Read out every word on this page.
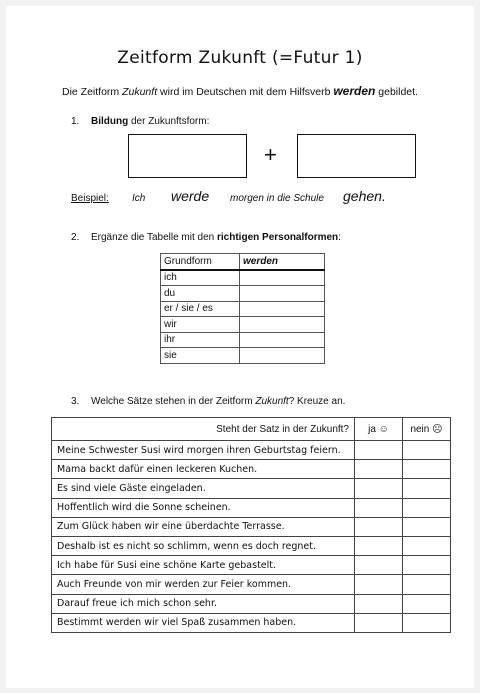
Zeitform Zukunft (=Futur 1)
Die Zeitform Zukunft wird im Deutschen mit dem Hilfsverb werden gebildet.
1. Bildung der Zukunftsform:
+
Beispiel: Ich werde morgen in die Schule gehen.
2. Ergänze die Tabelle mit den richtigen Personalformen:
Grundform	werden
ich	
du	
er / sie / es	
wir	
ihr	
sie	
3. Welche Sätze stehen in der Zeitform Zukunft? Kreuze an.
Steht der Satz in der Zukunft?	ja ☺	nein ☹
Meine Schwester Susi wird morgen ihren Geburtstag feiern.		
Mama backt dafür einen leckeren Kuchen.		
Es sind viele Gäste eingeladen.		
Hoffentlich wird die Sonne scheinen.		
Zum Glück haben wir eine überdachte Terrasse.		
Deshalb ist es nicht so schlimm, wenn es doch regnet.		
Ich habe für Susi eine schöne Karte gebastelt.		
Auch Freunde von mir werden zur Feier kommen.		
Darauf freue ich mich schon sehr.		
Bestimmt werden wir viel Spaß zusammen haben.		
